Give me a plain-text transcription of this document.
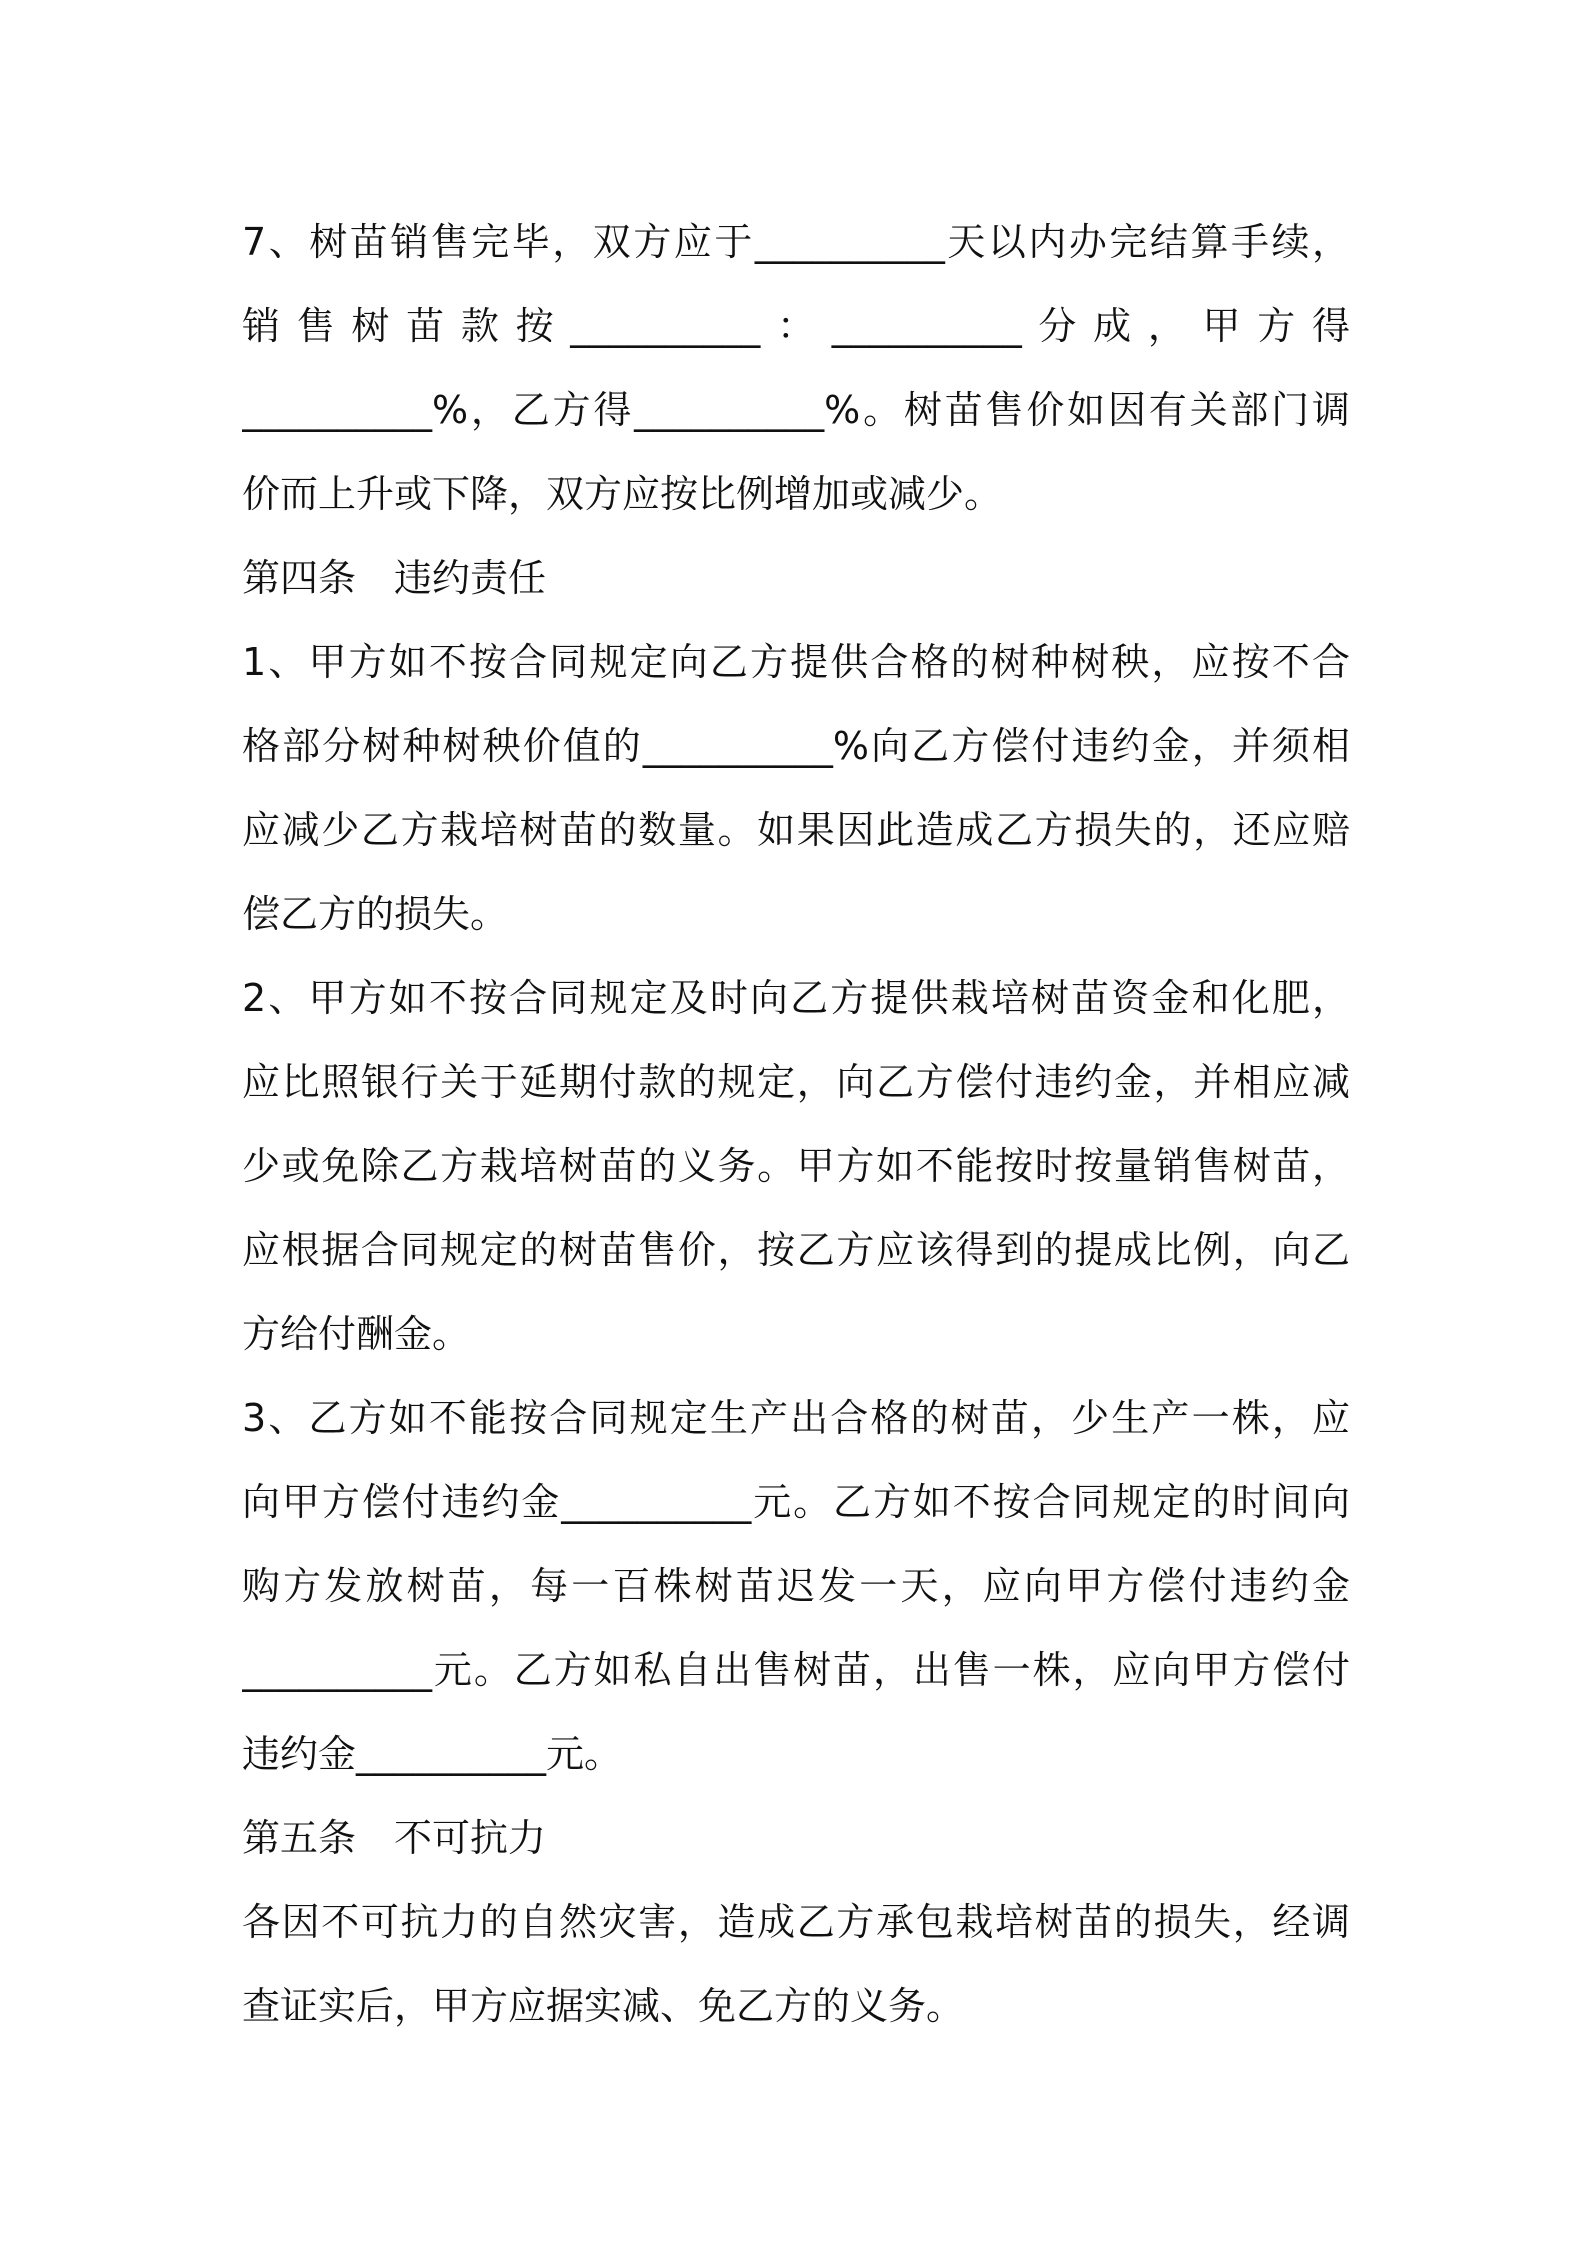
7、树苗销售完毕，双方应于__________天以内办完结算手续，
销售树苗款按__________：__________分成，甲方得
__________%，乙方得__________%。树苗售价如因有关部门调
价而上升或下降，双方应按比例增加或减少。
第四条　违约责任
1、甲方如不按合同规定向乙方提供合格的树种树秧，应按不合
格部分树种树秧价值的__________%向乙方偿付违约金，并须相
应减少乙方栽培树苗的数量。如果因此造成乙方损失的，还应赔
偿乙方的损失。
2、甲方如不按合同规定及时向乙方提供栽培树苗资金和化肥，
应比照银行关于延期付款的规定，向乙方偿付违约金，并相应减
少或免除乙方栽培树苗的义务。甲方如不能按时按量销售树苗，
应根据合同规定的树苗售价，按乙方应该得到的提成比例，向乙
方给付酬金。
3、乙方如不能按合同规定生产出合格的树苗，少生产一株，应
向甲方偿付违约金__________元。乙方如不按合同规定的时间向
购方发放树苗，每一百株树苗迟发一天，应向甲方偿付违约金
__________元。乙方如私自出售树苗，出售一株，应向甲方偿付
违约金__________元。
第五条　不可抗力
各因不可抗力的自然灾害，造成乙方承包栽培树苗的损失，经调
查证实后，甲方应据实减、免乙方的义务。
